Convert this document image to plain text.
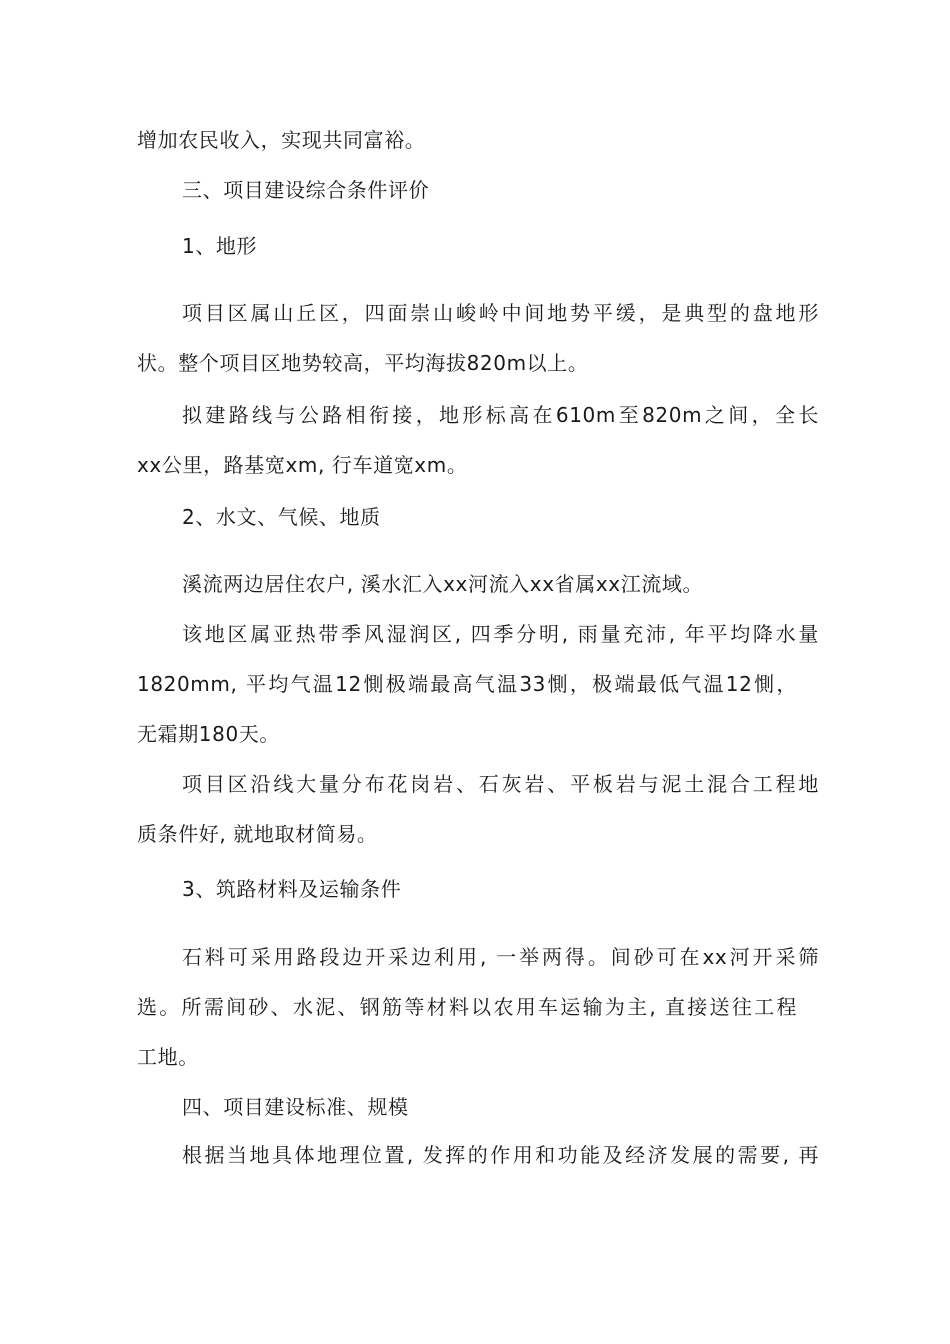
增加农民收入，实现共同富裕。
三、项目建设综合条件评价
1、地形
项目区属山丘区，四面崇山峻岭中间地势平缓，是典型的盘地形
状。整个项目区地势较高，平均海拔820m以上。
拟建路线与公路相衔接，地形标高在610m至820m之间，全长
xx公里，路基宽xm, 行车道宽xm。
2、水文、气候、地质
溪流两边居住农户, 溪水汇入xx河流入xx省属xx江流域。
该地区属亚热带季风湿润区, 四季分明, 雨量充沛, 年平均降水量
1820mm, 平均气温12惻极端最高气温33惻，极端最低气温12惻，
无霜期180天。
项目区沿线大量分布花岗岩、石灰岩、平板岩与泥土混合工程地
质条件好, 就地取材简易。
3、筑路材料及运输条件
石料可采用路段边开采边利用, 一举两得。间砂可在xx河开采筛
选。所需间砂、水泥、钢筋等材料以农用车运输为主, 直接送往工程
工地。
四、项目建设标准、规模
根据当地具体地理位置, 发挥的作用和功能及经济发展的需要, 再
